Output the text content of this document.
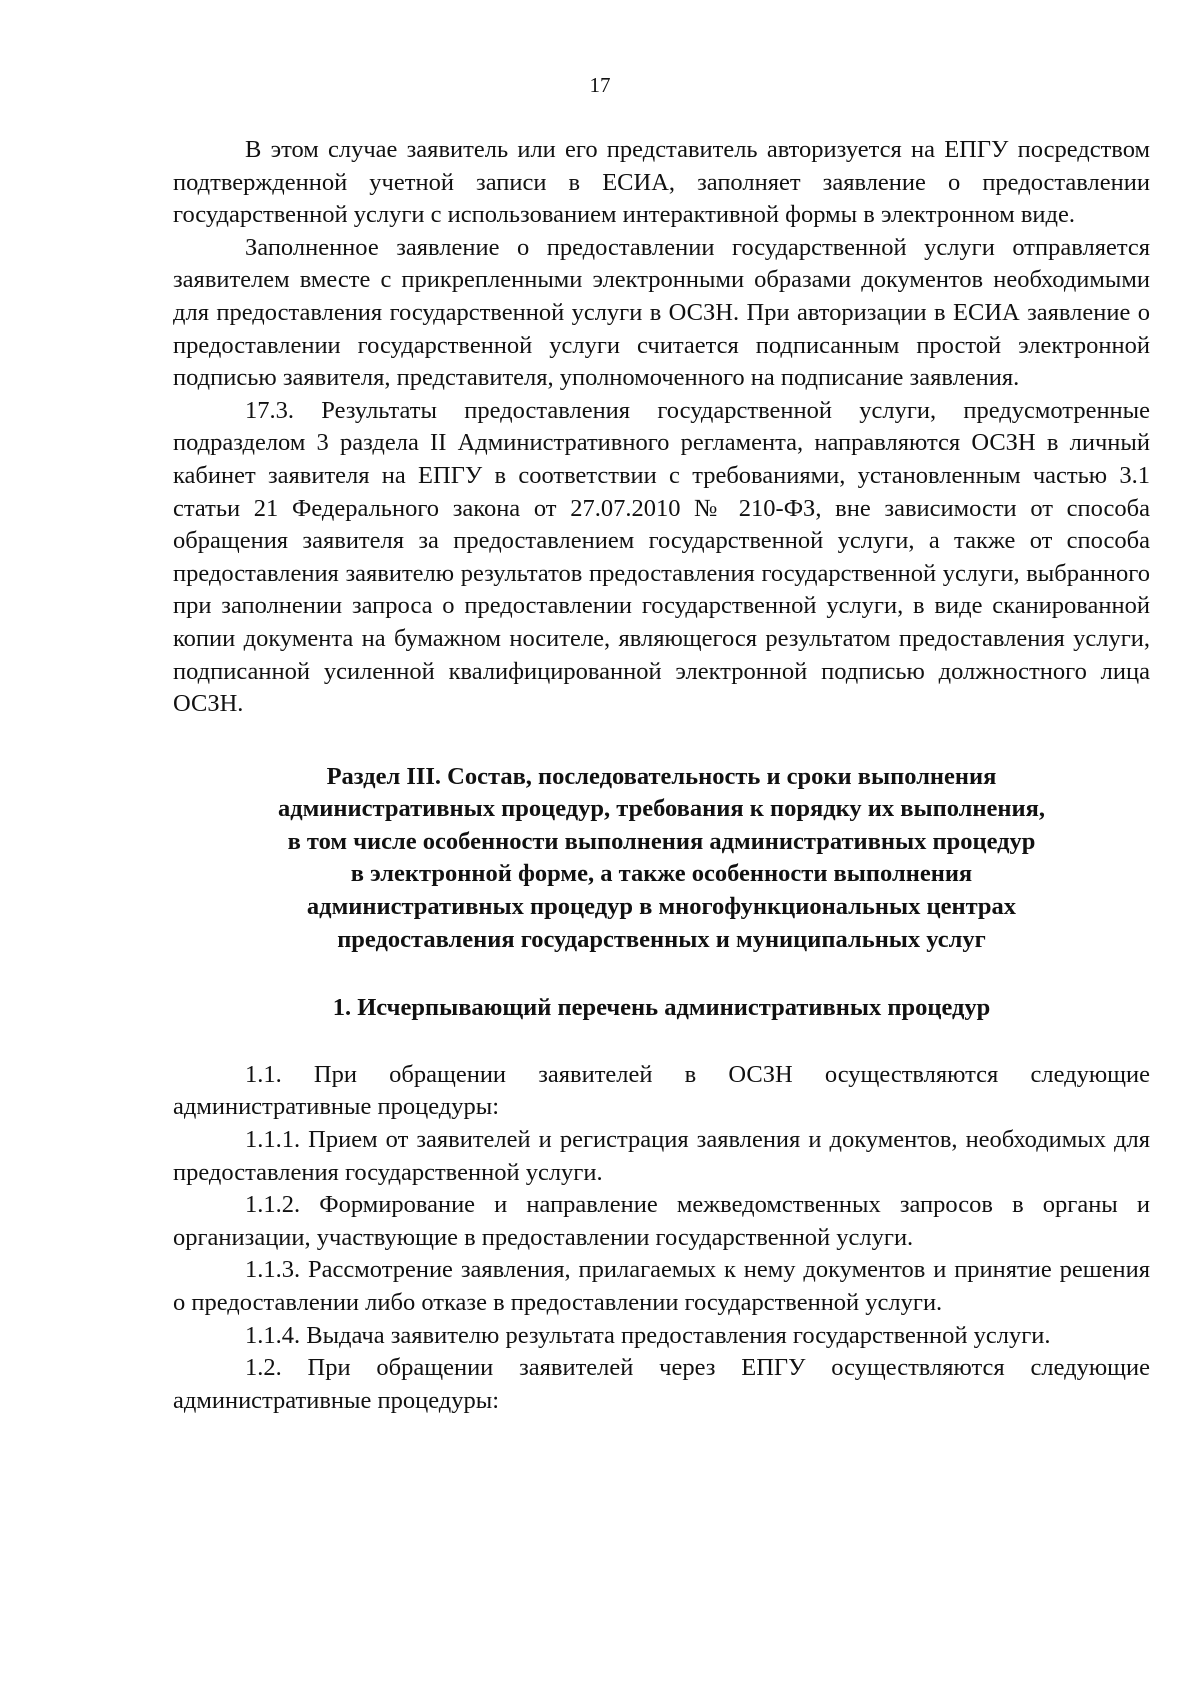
17

В этом случае заявитель или его представитель авторизуется на ЕПГУ посредством подтвержденной учетной записи в ЕСИА, заполняет заявление о предоставлении государственной услуги с использованием интерактивной формы в электронном виде.

Заполненное заявление о предоставлении государственной услуги отправляется заявителем вместе с прикрепленными электронными образами документов необходимыми для предоставления государственной услуги в ОСЗН. При авторизации в ЕСИА заявление о предоставлении государственной услуги считается подписанным простой электронной подписью заявителя, представителя, уполномоченного на подписание заявления.

17.3. Результаты предоставления государственной услуги, предусмотренные подразделом 3 раздела II Административного регламента, направляются ОСЗН в личный кабинет заявителя на ЕПГУ в соответствии с требованиями, установленным частью 3.1 статьи 21 Федерального закона от 27.07.2010 № 210-ФЗ, вне зависимости от способа обращения заявителя за предоставлением государственной услуги, а также от способа предоставления заявителю результатов предоставления государственной услуги, выбранного при заполнении запроса о предоставлении государственной услуги, в виде сканированной копии документа на бумажном носителе, являющегося результатом предоставления услуги, подписанной усиленной квалифицированной электронной подписью должностного лица ОСЗН.

Раздел III. Состав, последовательность и сроки выполнения
административных процедур, требования к порядку их выполнения,
в том числе особенности выполнения административных процедур
в электронной форме, а также особенности выполнения
административных процедур в многофункциональных центрах
предоставления государственных и муниципальных услуг
1. Исчерпывающий перечень административных процедур

1.1. При обращении заявителей в ОСЗН осуществляются следующие административные процедуры:

1.1.1. Прием от заявителей и регистрация заявления и документов, необходимых для предоставления государственной услуги.

1.1.2. Формирование и направление межведомственных запросов в органы и организации, участвующие в предоставлении государственной услуги.

1.1.3. Рассмотрение заявления, прилагаемых к нему документов и принятие решения о предоставлении либо отказе в предоставлении государственной услуги.

1.1.4. Выдача заявителю результата предоставления государственной услуги.

1.2. При обращении заявителей через ЕПГУ осуществляются следующие административные процедуры:
